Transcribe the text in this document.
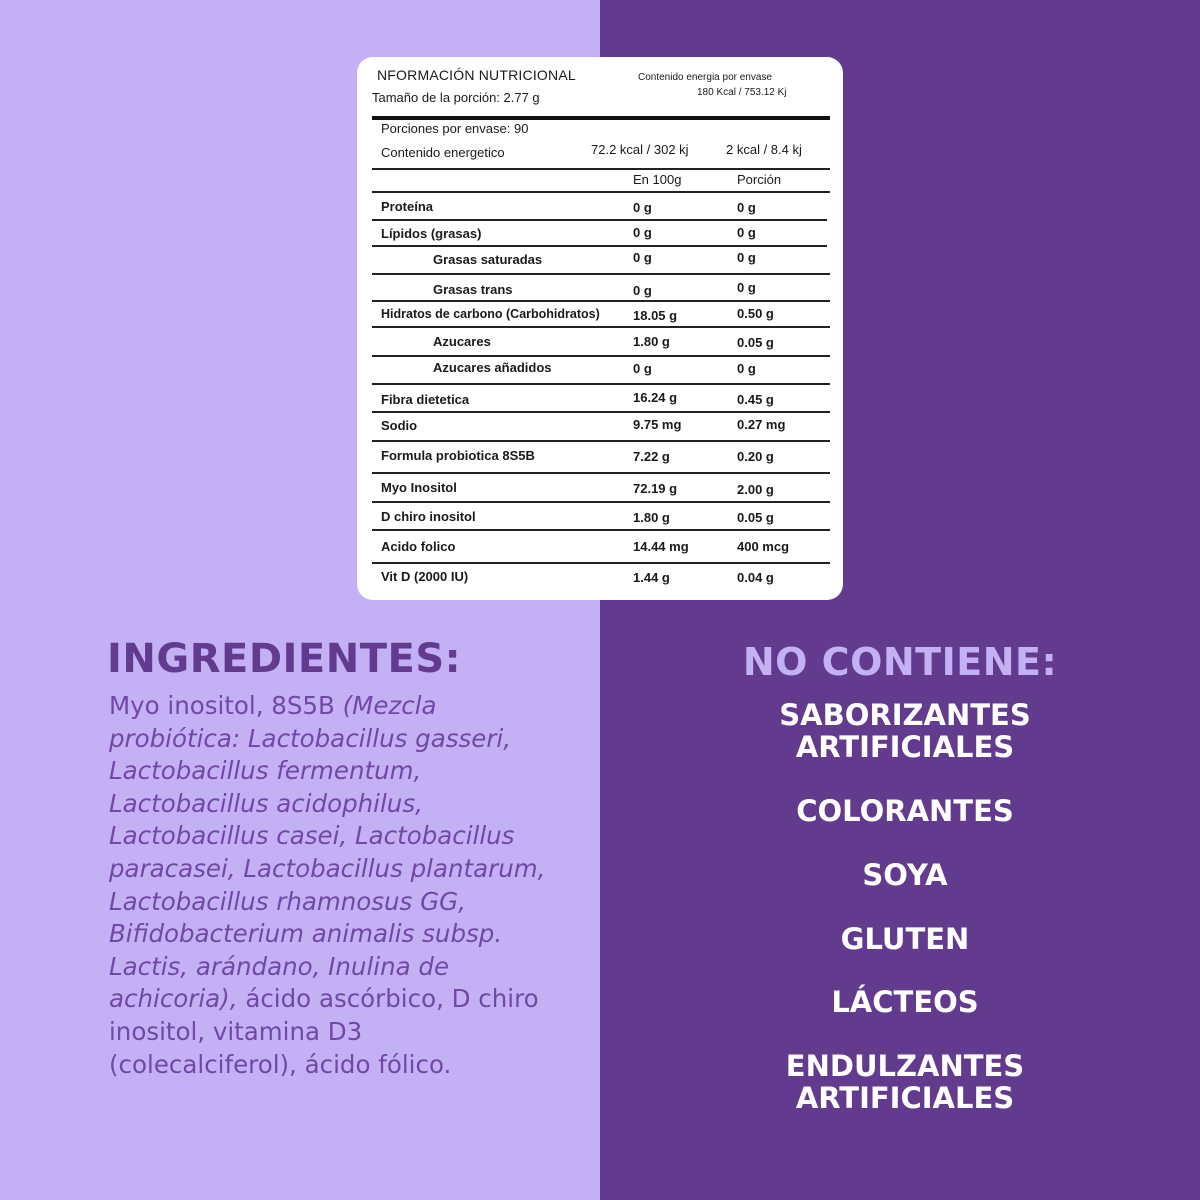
NFORMACIÓN NUTRICIONAL
Tamaño de la porción: 2.77 g
Contenido energia por envase
180 Kcal / 753.12 Kj
Porciones por envase: 90
Contenido energetico	72.2 kcal / 302 kj	2 kcal / 8.4 kj
En 100g	Porción
Proteína	0 g	0 g
Lípidos (grasas)	0 g	0 g
Grasas saturadas	0 g	0 g
Grasas trans	0 g	0 g
Hidratos de carbono (Carbohidratos)	18.05 g	0.50 g
Azucares	1.80 g	0.05 g
Azucares añadidos	0 g	0 g
Fibra dietetica	16.24 g	0.45 g
Sodio	9.75 mg	0.27 mg
Formula probiotica 8S5B	7.22 g	0.20 g
Myo Inositol	72.19 g	2.00 g
D chiro inositol	1.80 g	0.05 g
Acido folico	14.44 mg	400 mcg
Vit D (2000 IU)	1.44 g	0.04 g
INGREDIENTES:
Myo inositol, 8S5B (Mezcla probiótica: Lactobacillus gasseri, Lactobacillus fermentum, Lactobacillus acidophilus, Lactobacillus casei, Lactobacillus paracasei, Lactobacillus plantarum, Lactobacillus rhamnosus GG, Bifidobacterium animalis subsp. Lactis, arándano, Inulina de achicoria), ácido ascórbico, D chiro inositol, vitamina D3 (colecalciferol), ácido fólico.
NO CONTIENE:
SABORIZANTES
ARTIFICIALES
COLORANTES
SOYA
GLUTEN
LÁCTEOS
ENDULZANTES
ARTIFICIALES
